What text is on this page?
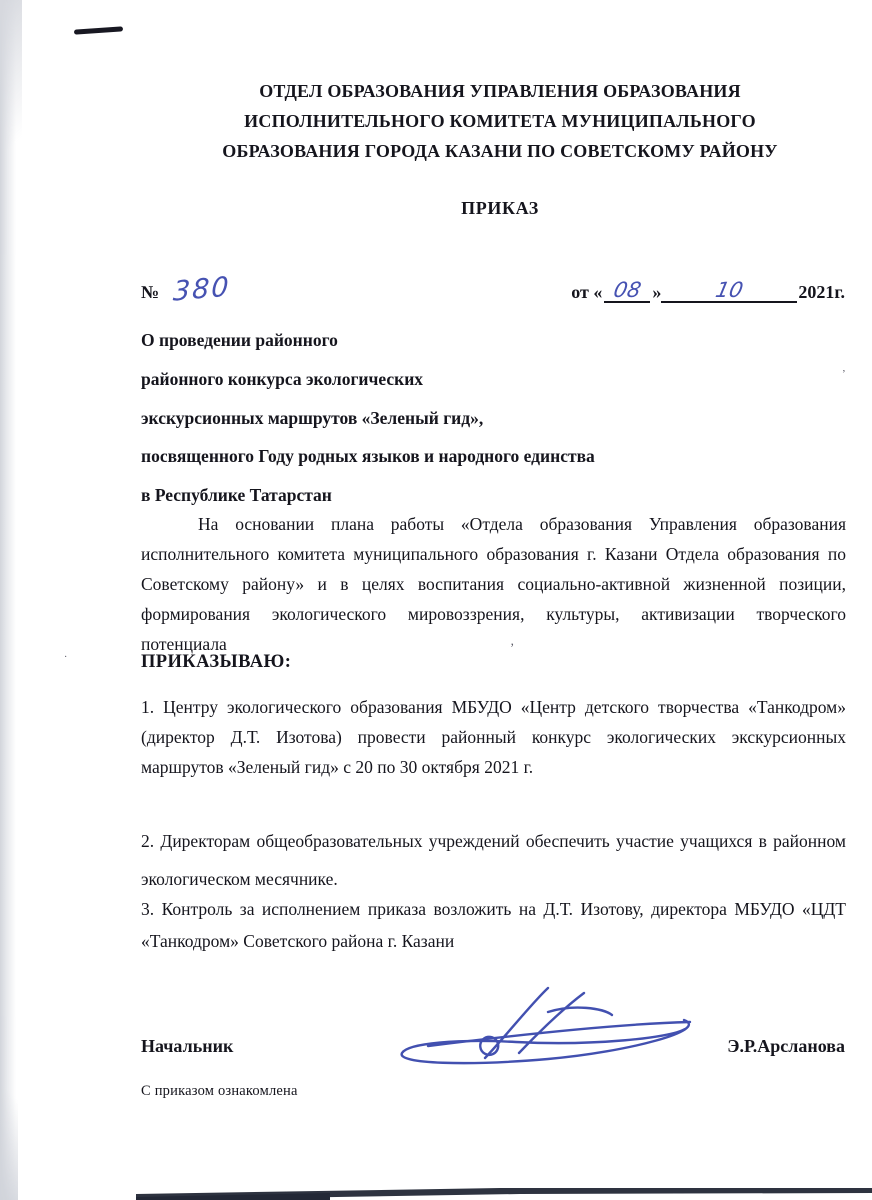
’
’
·
ОТДЕЛ ОБРАЗОВАНИЯ УПРАВЛЕНИЯ ОБРАЗОВАНИЯ
ИСПОЛНИТЕЛЬНОГО КОМИТЕТА МУНИЦИПАЛЬНОГО
ОБРАЗОВАНИЯ ГОРОДА КАЗАНИ ПО СОВЕТСКОМУ РАЙОНУ
ПРИКАЗ
№ 380	от « 08 »	10	2021г.
О проведении районного
районного конкурса экологических
экскурсионных маршрутов «Зеленый гид»,
посвященного Году родных языков и народного единства
в Республике Татарстан
На основании плана работы «Отдела образования Управления образования исполнительного комитета муниципального образования г. Казани Отдела образования по Советскому району» и в целях воспитания социально-активной жизненной позиции, формирования экологического мировоззрения, культуры, активизации творческого потенциала
ПРИКАЗЫВАЮ:
1. Центру экологического образования МБУДО «Центр детского творчества «Танкодром» (директор Д.Т. Изотова) провести районный конкурс экологических экскурсионных маршрутов «Зеленый гид» с 20 по 30 октября 2021 г.
2. Директорам общеобразовательных учреждений обеспечить участие учащихся в районном экологическом месячнике.
3. Контроль за исполнением приказа возложить на Д.Т. Изотову, директора МБУДО «ЦДТ «Танкодром» Советского района г. Казани
Начальник	Э.Р.Арсланова
С приказом ознакомлена
